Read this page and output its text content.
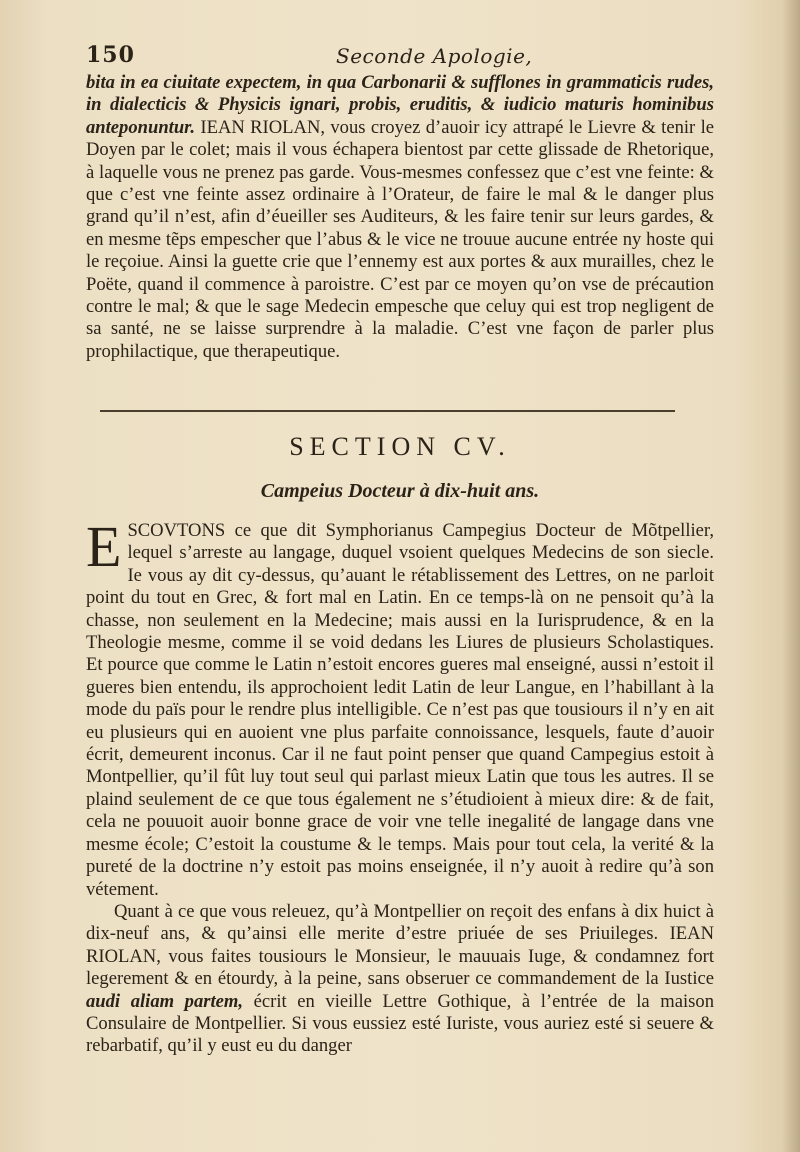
150	Seconde Apologie,
bita in ea ciuitate expectem, in qua Carbonarii & sufflones in grammaticis rudes, in dialecticis & Physicis ignari, probis, eruditis, & iudicio maturis hominibus anteponuntur. IEAN RIOLAN, vous croyez d’auoir icy attrapé le Lievre & tenir le Doyen par le colet; mais il vous échapera bientost par cette glissade de Rhetorique, à laquelle vous ne prenez pas garde. Vous-mesmes confessez que c’est vne feinte: & que c’est vne feinte assez ordinaire à l’Orateur, de faire le mal & le danger plus grand qu’il n’est, afin d’éueiller ses Auditeurs, & les faire tenir sur leurs gardes, & en mesme tẽps empescher que l’abus & le vice ne trouue aucune entrée ny hoste qui le reçoiue. Ainsi la guette crie que l’ennemy est aux portes & aux murailles, chez le Poëte, quand il commence à paroistre. C’est par ce moyen qu’on vse de précaution contre le mal; & que le sage Medecin empesche que celuy qui est trop negligent de sa santé, ne se laisse surprendre à la maladie. C’est vne façon de parler plus prophilactique, que therapeutique.
SECTION CV.
Campeius Docteur à dix-huit ans.

ESCOVTONS ce que dit Symphorianus Campegius Docteur de Mõtpellier, lequel s’arreste au langage, duquel vsoient quelques Medecins de son siecle. Ie vous ay dit cy-dessus, qu’auant le rétablissement des Lettres, on ne parloit point du tout en Grec, & fort mal en Latin. En ce temps-là on ne pensoit qu’à la chasse, non seulement en la Medecine; mais aussi en la Iurisprudence, & en la Theologie mesme, comme il se void dedans les Liures de plusieurs Scholastiques. Et pource que comme le Latin n’estoit encores gueres mal enseigné, aussi n’estoit il gueres bien entendu, ils approchoient ledit Latin de leur Langue, en l’habillant à la mode du païs pour le rendre plus intelligible. Ce n’est pas que tousiours il n’y en ait eu plusieurs qui en auoient vne plus parfaite connoissance, lesquels, faute d’auoir écrit, demeurent inconus. Car il ne faut point penser que quand Campegius estoit à Montpellier, qu’il fût luy tout seul qui parlast mieux Latin que tous les autres. Il se plaind seulement de ce que tous également ne s’étudioient à mieux dire: & de fait, cela ne pouuoit auoir bonne grace de voir vne telle inegalité de langage dans vne mesme école; C’estoit la coustume & le temps. Mais pour tout cela, la verité & la pureté de la doctrine n’y estoit pas moins enseignée, il n’y auoit à redire qu’à son vétement.

Quant à ce que vous releuez, qu’à Montpellier on reçoit des enfans à dix huict à dix-neuf ans, & qu’ainsi elle merite d’estre priuée de ses Priuileges. IEAN RIOLAN, vous faites tousiours le Monsieur, le mauuais Iuge, & condamnez fort legerement & en étourdy, à la peine, sans obseruer ce commandement de la Iustice audi aliam partem, écrit en vieille Lettre Gothique, à l’entrée de la maison Consulaire de Montpellier. Si vous eussiez esté Iuriste, vous auriez esté si seuere & rebarbatif, qu’il y eust eu du danger
